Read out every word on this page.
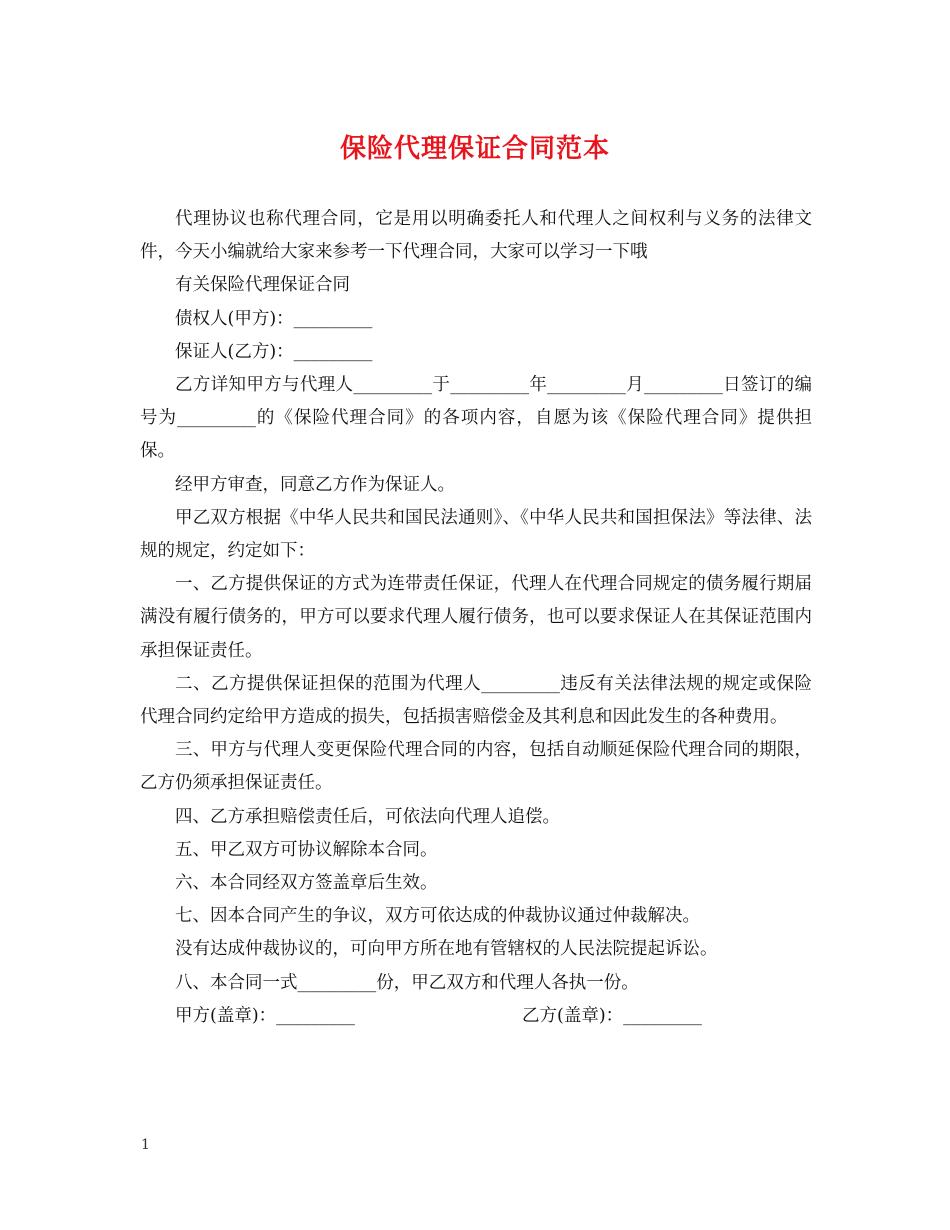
保险代理保证合同范本

代理协议也称代理合同，它是用以明确委托人和代理人之间权利与义务的法律文件，今天小编就给大家来参考一下代理合同，大家可以学习一下哦

有关保险代理保证合同

债权人(甲方)：_________

保证人(乙方)：_________

乙方详知甲方与代理人_________于_________年_________月_________日签订的编号为_________的《保险代理合同》的各项内容，自愿为该《保险代理合同》提供担保。

经甲方审查，同意乙方作为保证人。

甲乙双方根据《中华人民共和国民法通则》、《中华人民共和国担保法》等法律、法规的规定，约定如下：

一、乙方提供保证的方式为连带责任保证，代理人在代理合同规定的债务履行期届满没有履行债务的，甲方可以要求代理人履行债务，也可以要求保证人在其保证范围内承担保证责任。

二、乙方提供保证担保的范围为代理人_________违反有关法律法规的规定或保险代理合同约定给甲方造成的损失，包括损害赔偿金及其利息和因此发生的各种费用。

三、甲方与代理人变更保险代理合同的内容，包括自动顺延保险代理合同的期限，乙方仍须承担保证责任。

四、乙方承担赔偿责任后，可依法向代理人追偿。

五、甲乙双方可协议解除本合同。

六、本合同经双方签盖章后生效。

七、因本合同产生的争议，双方可依达成的仲裁协议通过仲裁解决。

没有达成仲裁协议的，可向甲方所在地有管辖权的人民法院提起诉讼。

八、本合同一式_________份，甲乙双方和代理人各执一份。

甲方(盖章)：_________

	乙方(盖章)：_________

1
